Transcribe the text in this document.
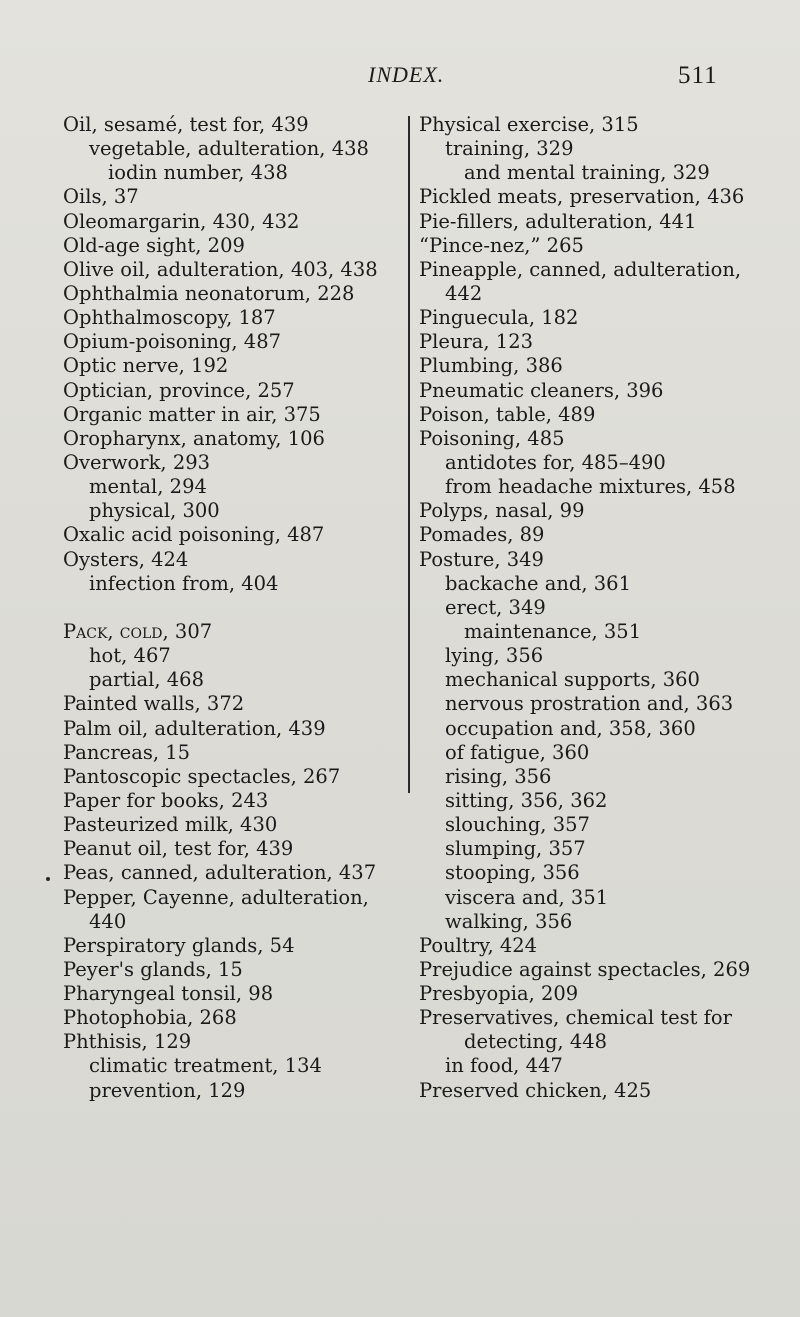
INDEX.	511
Oil, sesamé, test for, 439
vegetable, adulteration, 438
iodin number, 438
Oils, 37
Oleomargarin, 430, 432
Old-age sight, 209
Olive oil, adulteration, 403, 438
Ophthalmia neonatorum, 228
Ophthalmoscopy, 187
Opium-poisoning, 487
Optic nerve, 192
Optician, province, 257
Organic matter in air, 375
Oropharynx, anatomy, 106
Overwork, 293
mental, 294
physical, 300
Oxalic acid poisoning, 487
Oysters, 424
infection from, 404
Pack, cold, 307
hot, 467
partial, 468
Painted walls, 372
Palm oil, adulteration, 439
Pancreas, 15
Pantoscopic spectacles, 267
Paper for books, 243
Pasteurized milk, 430
Peanut oil, test for, 439
Peas, canned, adulteration, 437
Pepper, Cayenne, adulteration,
440
Perspiratory glands, 54
Peyer's glands, 15
Pharyngeal tonsil, 98
Photophobia, 268
Phthisis, 129
climatic treatment, 134
prevention, 129
Physical exercise, 315
training, 329
and mental training, 329
Pickled meats, preservation, 436
Pie-fillers, adulteration, 441
“Pince-nez,” 265
Pineapple, canned, adulteration,
442
Pinguecula, 182
Pleura, 123
Plumbing, 386
Pneumatic cleaners, 396
Poison, table, 489
Poisoning, 485
antidotes for, 485–490
from headache mixtures, 458
Polyps, nasal, 99
Pomades, 89
Posture, 349
backache and, 361
erect, 349
maintenance, 351
lying, 356
mechanical supports, 360
nervous prostration and, 363
occupation and, 358, 360
of fatigue, 360
rising, 356
sitting, 356, 362
slouching, 357
slumping, 357
stooping, 356
viscera and, 351
walking, 356
Poultry, 424
Prejudice against spectacles, 269
Presbyopia, 209
Preservatives, chemical test for
detecting, 448
in food, 447
Preserved chicken, 425
